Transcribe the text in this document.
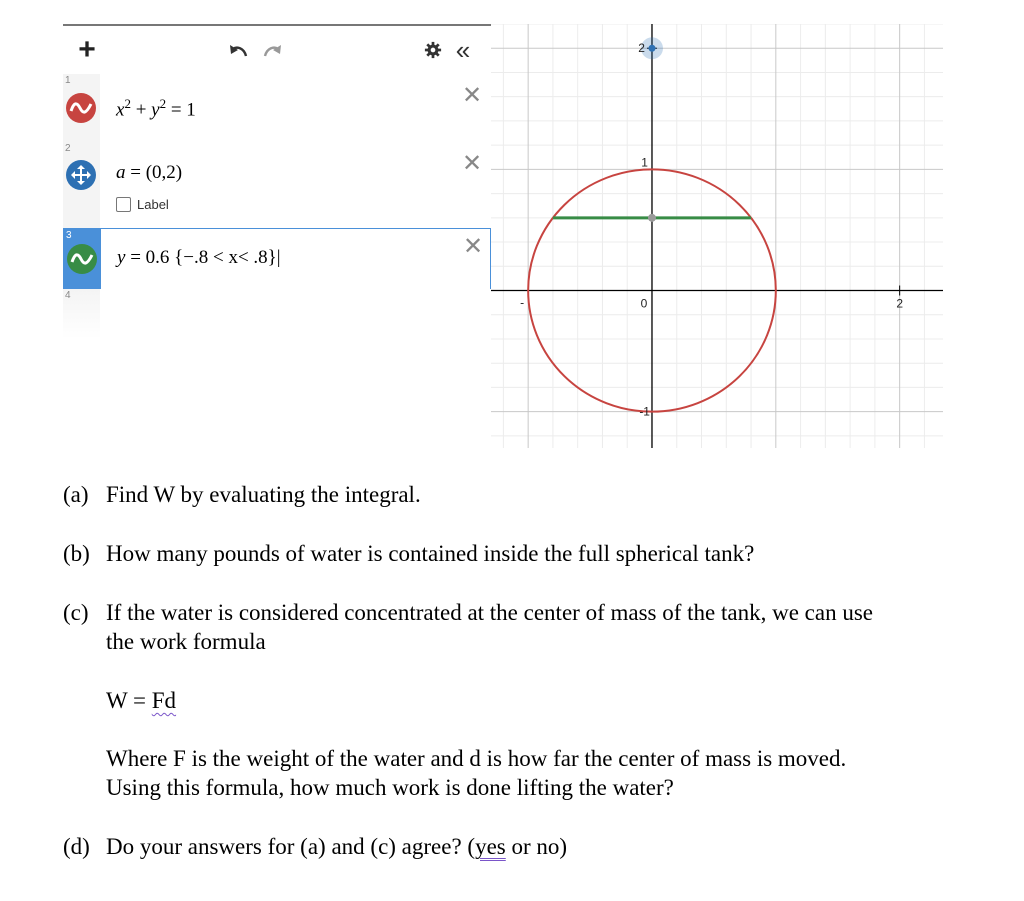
+	«
1
$x^2 + y^2 = 1$
✕
2
a = (0,2)
Label
✕
3
y = 0.6 {−.8 < x< .8}|	✕
4
0	2
2
1
-1
-
(a) Find W by evaluating the integral.
(b) How many pounds of water is contained inside the full spherical tank?
(c) If the water is considered concentrated at the center of mass of the tank, we can use
the work formula
W = Fd
Where F is the weight of the water and d is how far the center of mass is moved.
Using this formula, how much work is done lifting the water?
(d) Do your answers for (a) and (c) agree? (yes or no)
